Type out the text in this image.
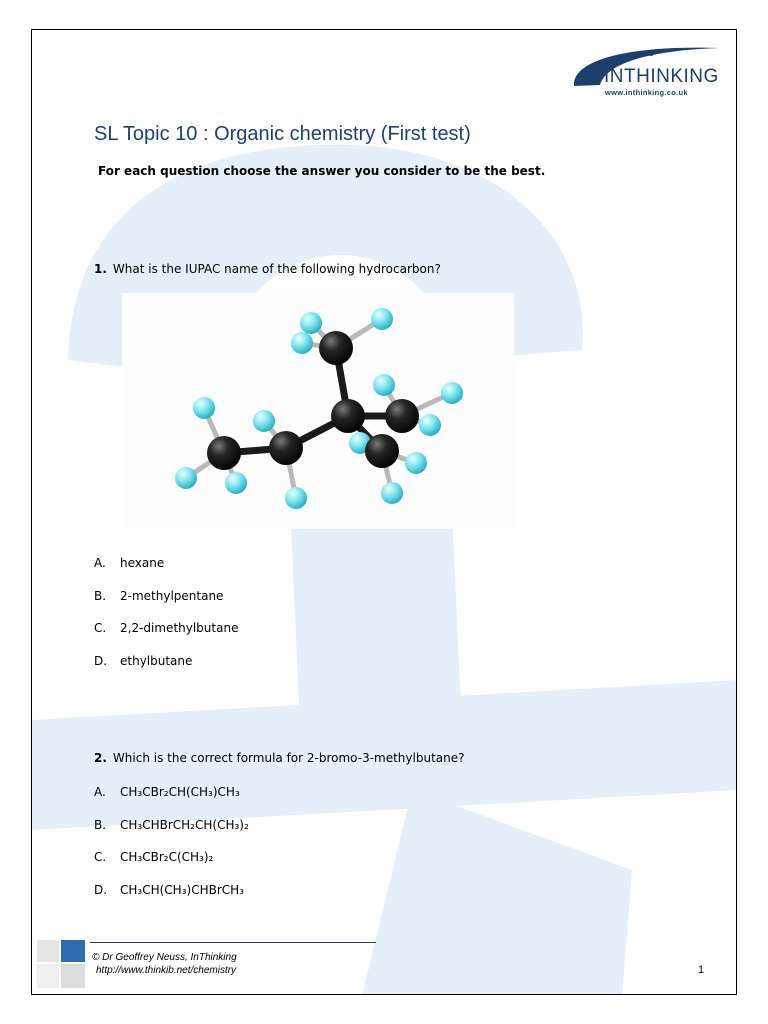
INTHINKING
www.inthinking.co.uk
SL Topic 10 : Organic chemistry (First test)
For each question choose the answer you consider to be the best.
1. What is the IUPAC name of the following hydrocarbon?
A. hexane
B. 2-methylpentane
C. 2,2-dimethylbutane
D. ethylbutane
2. Which is the correct formula for 2-bromo-3-methylbutane?
A. CH₃CBr₂CH(CH₃)CH₃
B. CH₃CHBrCH₂CH(CH₃)₂
C. CH₃CBr₂C(CH₃)₂
D. CH₃CH(CH₃)CHBrCH₃
© Dr Geoffrey Neuss, InThinking
http://www.thinkib.net/chemistry	1
